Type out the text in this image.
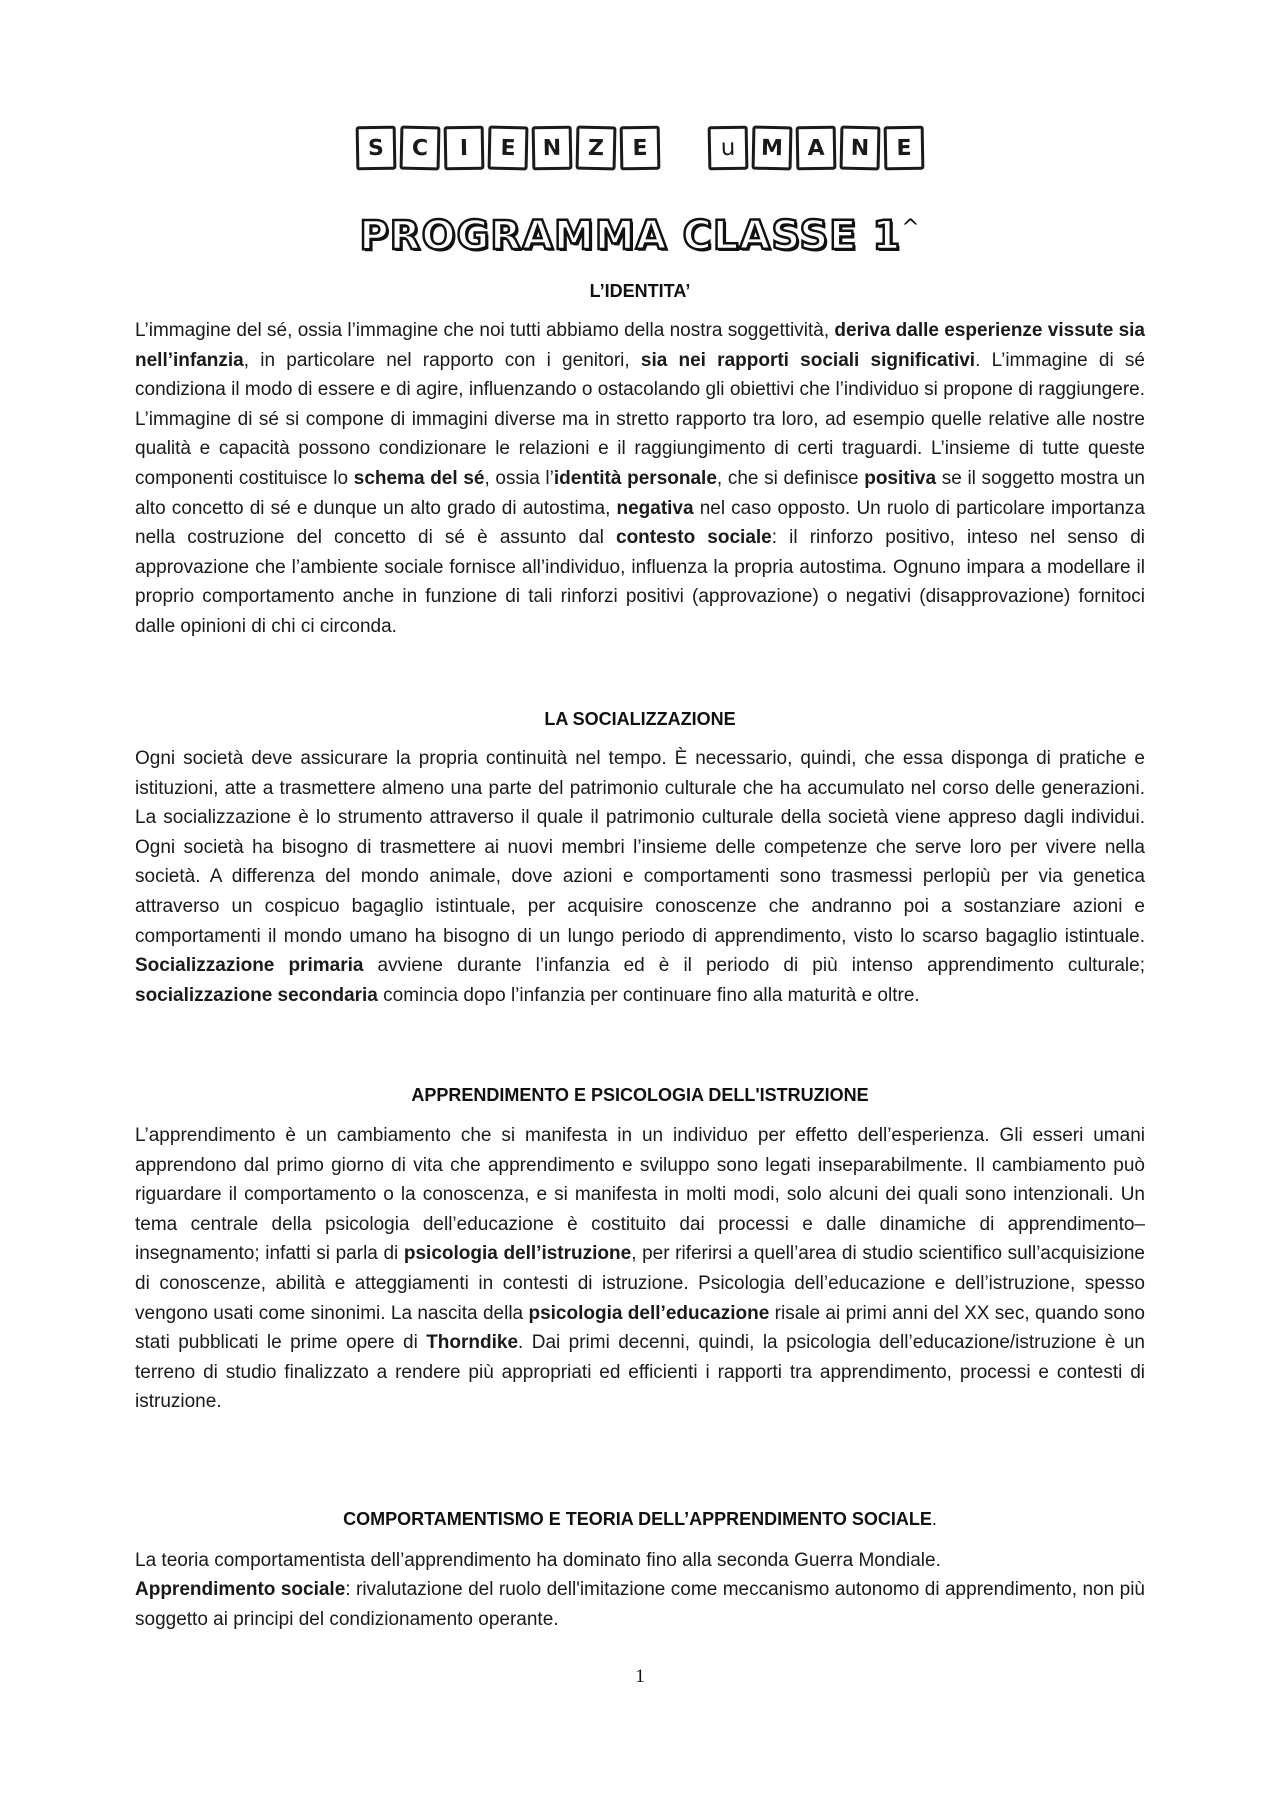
S	C	I	E	N	Z	E	u	M	A	N	E
PROGRAMMA CLASSE 1^
L’IDENTITA’

L’immagine del sé, ossia l’immagine che noi tutti abbiamo della nostra soggettività, deriva dalle esperienze vissute sia nell’infanzia, in particolare nel rapporto con i genitori, sia nei rapporti sociali significativi. L’immagine di sé condiziona il modo di essere e di agire, influenzando o ostacolando gli obiettivi che l’individuo si propone di raggiungere. L’immagine di sé si compone di immagini diverse ma in stretto rapporto tra loro, ad esempio quelle relative alle nostre qualità e capacità possono condizionare le relazioni e il raggiungimento di certi traguardi. L’insieme di tutte queste componenti costituisce lo schema del sé, ossia l’identità personale, che si definisce positiva se il soggetto mostra un alto concetto di sé e dunque un alto grado di autostima, negativa nel caso opposto. Un ruolo di particolare importanza nella costruzione del concetto di sé è assunto dal contesto sociale: il rinforzo positivo, inteso nel senso di approvazione che l’ambiente sociale fornisce all’individuo, influenza la propria autostima. Ognuno impara a modellare il proprio comportamento anche in funzione di tali rinforzi positivi (approvazione) o negativi (disapprovazione) fornitoci dalle opinioni di chi ci circonda.

LA SOCIALIZZAZIONE

Ogni società deve assicurare la propria continuità nel tempo. È necessario, quindi, che essa disponga di pratiche e istituzioni, atte a trasmettere almeno una parte del patrimonio culturale che ha accumulato nel corso delle generazioni. La socializzazione è lo strumento attraverso il quale il patrimonio culturale della società viene appreso dagli individui. Ogni società ha bisogno di trasmettere ai nuovi membri l’insieme delle competenze che serve loro per vivere nella società. A differenza del mondo animale, dove azioni e comportamenti sono trasmessi perlopiù per via genetica attraverso un cospicuo bagaglio istintuale, per acquisire conoscenze che andranno poi a sostanziare azioni e comportamenti il mondo umano ha bisogno di un lungo periodo di apprendimento, visto lo scarso bagaglio istintuale. Socializzazione primaria avviene durante l’infanzia ed è il periodo di più intenso apprendimento culturale; socializzazione secondaria comincia dopo l’infanzia per continuare fino alla maturità e oltre.

APPRENDIMENTO E PSICOLOGIA DELL'ISTRUZIONE

L’apprendimento è un cambiamento che si manifesta in un individuo per effetto dell’esperienza. Gli esseri umani apprendono dal primo giorno di vita che apprendimento e sviluppo sono legati inseparabilmente. Il cambiamento può riguardare il comportamento o la conoscenza, e si manifesta in molti modi, solo alcuni dei quali sono intenzionali. Un tema centrale della psicologia dell’educazione è costituito dai processi e dalle dinamiche di apprendimento–insegnamento; infatti si parla di psicologia dell’istruzione, per riferirsi a quell’area di studio scientifico sull’acquisizione di conoscenze, abilità e atteggiamenti in contesti di istruzione. Psicologia dell’educazione e dell’istruzione, spesso vengono usati come sinonimi. La nascita della psicologia dell’educazione risale ai primi anni del XX sec, quando sono stati pubblicati le prime opere di Thorndike. Dai primi decenni, quindi, la psicologia dell’educazione/istruzione è un terreno di studio finalizzato a rendere più appropriati ed efficienti i rapporti tra apprendimento, processi e contesti di istruzione.

COMPORTAMENTISMO E TEORIA DELL’APPRENDIMENTO SOCIALE.

La teoria comportamentista dell’apprendimento ha dominato fino alla seconda Guerra Mondiale.

Apprendimento sociale: rivalutazione del ruolo dell'imitazione come meccanismo autonomo di apprendimento, non più soggetto ai principi del condizionamento operante.

1
